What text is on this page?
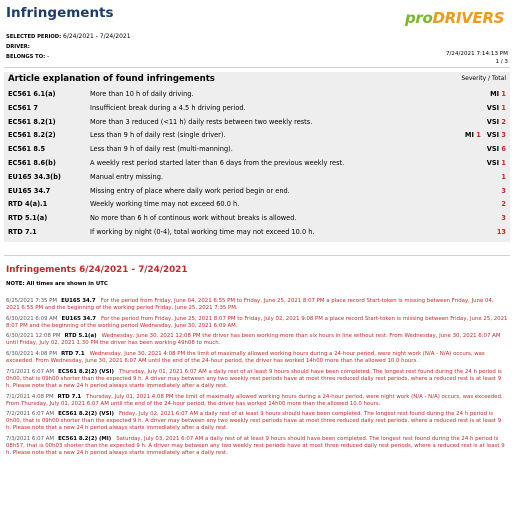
Infringements	proDRIVERS
SELECTED PERIOD: 6/24/2021 - 7/24/2021
DRIVER:
BELONGS TO: -	7/24/2021 7:14:13 PM
1 / 3
Article explanation of found infringements	Severity / Total
EC561 6.1(a)	More than 10 h of daily driving.	MI 1
EC561 7	Insufficient break during a 4.5 h driving period.	VSI 1
EC561 8.2(1)	More than 3 reduced (<11 h) daily rests between two weekly rests.	VSI 2
EC561 8.2(2)	Less than 9 h of daily rest (single driver).	MI 1 VSI 3
EC561 8.5	Less than 9 h of daily rest (multi-manning).	VSI 6
EC561 8.6(b)	A weekly rest period started later than 6 days from the previous weekly rest.	VSI 1
EU165 34.3(b)	Manual entry missing.	1
EU165 34.7	Missing entry of place where daily work period begin or end.	3
RTD 4(a).1	Weekly working time may not exceed 60.0 h.	2
RTD 5.1(a)	No more than 6 h of continous work without breaks is allowed.	3
RTD 7.1	If working by night (0-4), total working time may not exceed 10.0 h.	13
Infringements 6/24/2021 - 7/24/2021
NOTE: All times are shown in UTC
6/25/2021 7:35 PM EU165 34.7 For the period from Friday, June 04, 2021 6:55 PM to Friday, June 25, 2021 8:07 PM a place record Start-token is missing between Friday, June 04, 2021 6:55 PM and the beginning of the working period Friday, June 25, 2021 7:35 PM.
6/30/2021 6:09 AM EU165 34.7 For the period from Friday, June 25, 2021 8:07 PM to Friday, July 02, 2021 9:08 PM a place record Start-token is missing between Friday, June 25, 2021 8:07 PM and the beginning of the working period Wednesday, June 30, 2021 6:09 AM.
6/30/2021 12:08 PM RTD 5.1(a) Wednesday, June 30, 2021 12:08 PM the driver has been working more than six hours in line without rest. From Wednesday, June 30, 2021 6:07 AM until Friday, July 02, 2021 1:30 PM the driver has been working 49h08 to much.
6/30/2021 4:08 PM RTD 7.1 Wednesday, June 30, 2021 4:08 PM the limit of maximally allowed working hours during a 24-hour period, were night work (N/A - N/A) occurs, was exceeded. From Wednesday, June 30, 2021 6:07 AM until the end of the 24-hour period, the driver has worked 14h00 more than the allowed 10.0 hours.
7/1/2021 6:07 AM EC561 8.2(2) (VSI) Thursday, July 01, 2021 6:07 AM a daily rest of at least 9 hours should have been completed. The longest rest found during the 24 h period is 0h00, that is 09h00 shorter than the expected 9 h. A driver may between any two weekly rest periods have at most three reduced daily rest periods, where a reduced rest is at least 9 h. Please note that a new 24 h period always starts immediately after a daily rest.
7/1/2021 4:08 PM RTD 7.1 Thursday, July 01, 2021 4:08 PM the limit of maximally allowed working hours during a 24-hour period, were night work (N/A - N/A) occurs, was exceeded. From Thursday, July 01, 2021 6:07 AM until the end of the 24-hour period, the driver has worked 14h00 more than the allowed 10.0 hours.
7/2/2021 6:07 AM EC561 8.2(2) (VSI) Friday, July 02, 2021 6:07 AM a daily rest of at least 9 hours should have been completed. The longest rest found during the 24 h period is 0h00, that is 09h00 shorter than the expected 9 h. A driver may between any two weekly rest periods have at most three reduced daily rest periods, where a reduced rest is at least 9 h. Please note that a new 24 h period always starts immediately after a daily rest.
7/3/2021 6:07 AM EC561 8.2(2) (MI) Saturday, July 03, 2021 6:07 AM a daily rest of at least 9 hours should have been completed. The longest rest found during the 24 h period is 08h57, that is 00h03 shorter than the expected 9 h. A driver may between any two weekly rest periods have at most three reduced daily rest periods, where a reduced rest is at least 9 h. Please note that a new 24 h period always starts immediately after a daily rest.
